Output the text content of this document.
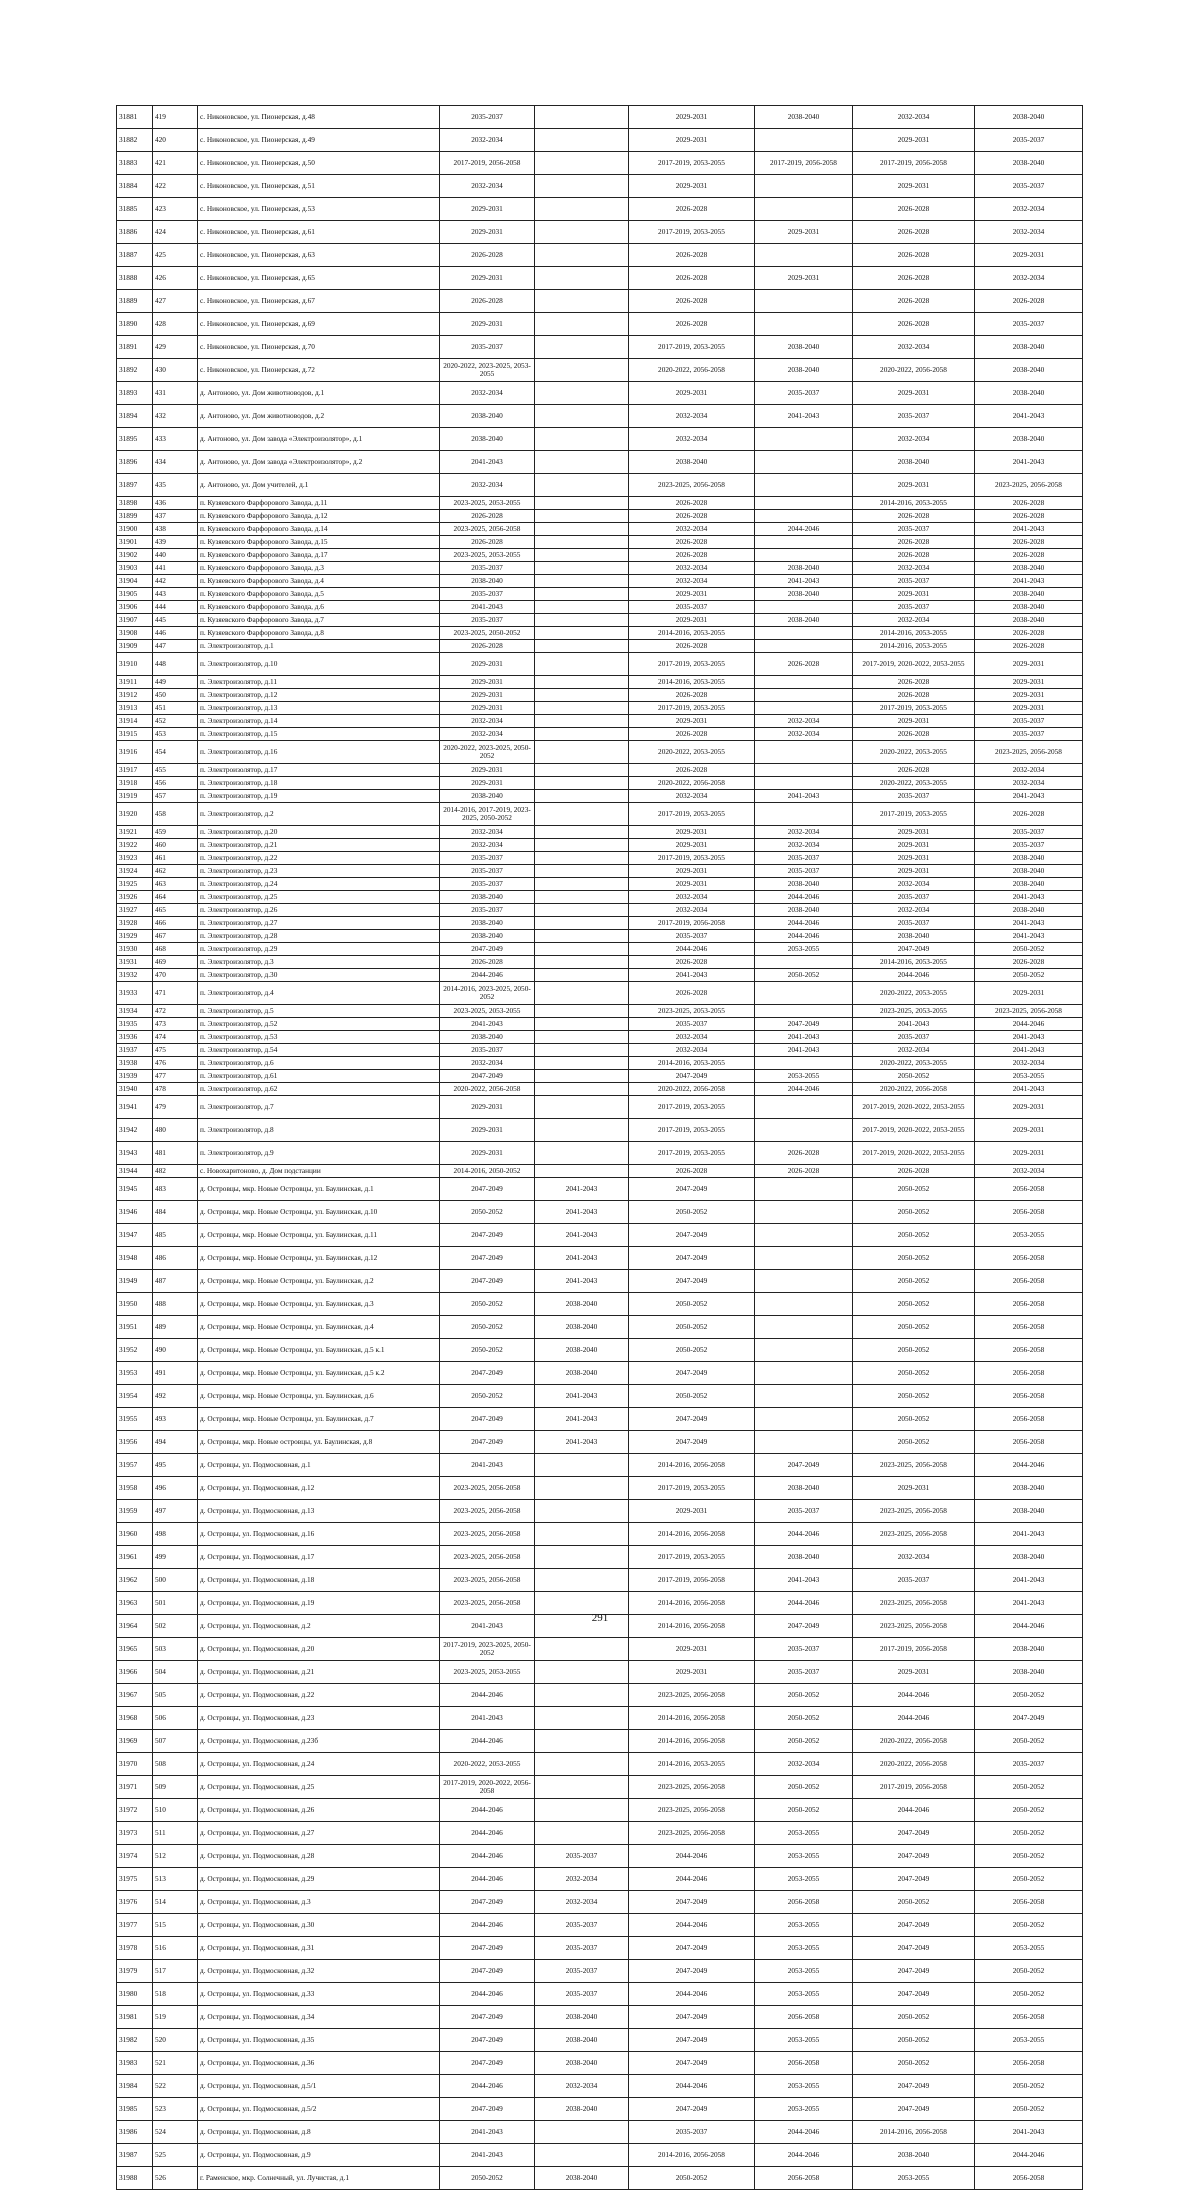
31881	419	с. Никоновское, ул. Пионерская, д.48	2035-2037		2029-2031	2038-2040	2032-2034	2038-2040
31882	420	с. Никоновское, ул. Пионерская, д.49	2032-2034		2029-2031		2029-2031	2035-2037
31883	421	с. Никоновское, ул. Пионерская, д.50	2017-2019, 2056-2058		2017-2019, 2053-2055	2017-2019, 2056-2058	2017-2019, 2056-2058	2038-2040
31884	422	с. Никоновское, ул. Пионерская, д.51	2032-2034		2029-2031		2029-2031	2035-2037
31885	423	с. Никоновское, ул. Пионерская, д.53	2029-2031		2026-2028		2026-2028	2032-2034
31886	424	с. Никоновское, ул. Пионерская, д.61	2029-2031		2017-2019, 2053-2055	2029-2031	2026-2028	2032-2034
31887	425	с. Никоновское, ул. Пионерская, д.63	2026-2028		2026-2028		2026-2028	2029-2031
31888	426	с. Никоновское, ул. Пионерская, д.65	2029-2031		2026-2028	2029-2031	2026-2028	2032-2034
31889	427	с. Никоновское, ул. Пионерская, д.67	2026-2028		2026-2028		2026-2028	2026-2028
31890	428	с. Никоновское, ул. Пионерская, д.69	2029-2031		2026-2028		2026-2028	2035-2037
31891	429	с. Никоновское, ул. Пионерская, д.70	2035-2037		2017-2019, 2053-2055	2038-2040	2032-2034	2038-2040
31892	430	с. Никоновское, ул. Пионерская, д.72	2020-2022, 2023-2025, 2053-2055		2020-2022, 2056-2058	2038-2040	2020-2022, 2056-2058	2038-2040
31893	431	д. Антоново, ул. Дом животноводов, д.1	2032-2034		2029-2031	2035-2037	2029-2031	2038-2040
31894	432	д. Антоново, ул. Дом животноводов, д.2	2038-2040		2032-2034	2041-2043	2035-2037	2041-2043
31895	433	д. Антоново, ул. Дом завода «Электроизолятор», д.1	2038-2040		2032-2034		2032-2034	2038-2040
31896	434	д. Антоново, ул. Дом завода «Электроизолятор», д.2	2041-2043		2038-2040		2038-2040	2041-2043
31897	435	д. Антоново, ул. Дом учителей, д.1	2032-2034		2023-2025, 2056-2058		2029-2031	2023-2025, 2056-2058
31898	436	п. Кузяевского Фарфорового Завода, д.11	2023-2025, 2053-2055		2026-2028		2014-2016, 2053-2055	2026-2028
31899	437	п. Кузяевского Фарфорового Завода, д.12	2026-2028		2026-2028		2026-2028	2026-2028
31900	438	п. Кузяевского Фарфорового Завода, д.14	2023-2025, 2056-2058		2032-2034	2044-2046	2035-2037	2041-2043
31901	439	п. Кузяевского Фарфорового Завода, д.15	2026-2028		2026-2028		2026-2028	2026-2028
31902	440	п. Кузяевского Фарфорового Завода, д.17	2023-2025, 2053-2055		2026-2028		2026-2028	2026-2028
31903	441	п. Кузяевского Фарфорового Завода, д.3	2035-2037		2032-2034	2038-2040	2032-2034	2038-2040
31904	442	п. Кузяевского Фарфорового Завода, д.4	2038-2040		2032-2034	2041-2043	2035-2037	2041-2043
31905	443	п. Кузяевского Фарфорового Завода, д.5	2035-2037		2029-2031	2038-2040	2029-2031	2038-2040
31906	444	п. Кузяевского Фарфорового Завода, д.6	2041-2043		2035-2037		2035-2037	2038-2040
31907	445	п. Кузяевского Фарфорового Завода, д.7	2035-2037		2029-2031	2038-2040	2032-2034	2038-2040
31908	446	п. Кузяевского Фарфорового Завода, д.8	2023-2025, 2050-2052		2014-2016, 2053-2055		2014-2016, 2053-2055	2026-2028
31909	447	п. Электроизолятор, д.1	2026-2028		2026-2028		2014-2016, 2053-2055	2026-2028
31910	448	п. Электроизолятор, д.10	2029-2031		2017-2019, 2053-2055	2026-2028	2017-2019, 2020-2022, 2053-2055	2029-2031
31911	449	п. Электроизолятор, д.11	2029-2031		2014-2016, 2053-2055		2026-2028	2029-2031
31912	450	п. Электроизолятор, д.12	2029-2031		2026-2028		2026-2028	2029-2031
31913	451	п. Электроизолятор, д.13	2029-2031		2017-2019, 2053-2055		2017-2019, 2053-2055	2029-2031
31914	452	п. Электроизолятор, д.14	2032-2034		2029-2031	2032-2034	2029-2031	2035-2037
31915	453	п. Электроизолятор, д.15	2032-2034		2026-2028	2032-2034	2026-2028	2035-2037
31916	454	п. Электроизолятор, д.16	2020-2022, 2023-2025, 2050-2052		2020-2022, 2053-2055		2020-2022, 2053-2055	2023-2025, 2056-2058
31917	455	п. Электроизолятор, д.17	2029-2031		2026-2028		2026-2028	2032-2034
31918	456	п. Электроизолятор, д.18	2029-2031		2020-2022, 2056-2058		2020-2022, 2053-2055	2032-2034
31919	457	п. Электроизолятор, д.19	2038-2040		2032-2034	2041-2043	2035-2037	2041-2043
31920	458	п. Электроизолятор, д.2	2014-2016, 2017-2019, 2023-2025, 2050-2052		2017-2019, 2053-2055		2017-2019, 2053-2055	2026-2028
31921	459	п. Электроизолятор, д.20	2032-2034		2029-2031	2032-2034	2029-2031	2035-2037
31922	460	п. Электроизолятор, д.21	2032-2034		2029-2031	2032-2034	2029-2031	2035-2037
31923	461	п. Электроизолятор, д.22	2035-2037		2017-2019, 2053-2055	2035-2037	2029-2031	2038-2040
31924	462	п. Электроизолятор, д.23	2035-2037		2029-2031	2035-2037	2029-2031	2038-2040
31925	463	п. Электроизолятор, д.24	2035-2037		2029-2031	2038-2040	2032-2034	2038-2040
31926	464	п. Электроизолятор, д.25	2038-2040		2032-2034	2044-2046	2035-2037	2041-2043
31927	465	п. Электроизолятор, д.26	2035-2037		2032-2034	2038-2040	2032-2034	2038-2040
31928	466	п. Электроизолятор, д.27	2038-2040		2017-2019, 2056-2058	2044-2046	2035-2037	2041-2043
31929	467	п. Электроизолятор, д.28	2038-2040		2035-2037	2044-2046	2038-2040	2041-2043
31930	468	п. Электроизолятор, д.29	2047-2049		2044-2046	2053-2055	2047-2049	2050-2052
31931	469	п. Электроизолятор, д.3	2026-2028		2026-2028		2014-2016, 2053-2055	2026-2028
31932	470	п. Электроизолятор, д.30	2044-2046		2041-2043	2050-2052	2044-2046	2050-2052
31933	471	п. Электроизолятор, д.4	2014-2016, 2023-2025, 2050-2052		2026-2028		2020-2022, 2053-2055	2029-2031
31934	472	п. Электроизолятор, д.5	2023-2025, 2053-2055		2023-2025, 2053-2055		2023-2025, 2053-2055	2023-2025, 2056-2058
31935	473	п. Электроизолятор, д.52	2041-2043		2035-2037	2047-2049	2041-2043	2044-2046
31936	474	п. Электроизолятор, д.53	2038-2040		2032-2034	2041-2043	2035-2037	2041-2043
31937	475	п. Электроизолятор, д.54	2035-2037		2032-2034	2041-2043	2032-2034	2041-2043
31938	476	п. Электроизолятор, д.6	2032-2034		2014-2016, 2053-2055		2020-2022, 2053-2055	2032-2034
31939	477	п. Электроизолятор, д.61	2047-2049		2047-2049	2053-2055	2050-2052	2053-2055
31940	478	п. Электроизолятор, д.62	2020-2022, 2056-2058		2020-2022, 2056-2058	2044-2046	2020-2022, 2056-2058	2041-2043
31941	479	п. Электроизолятор, д.7	2029-2031		2017-2019, 2053-2055		2017-2019, 2020-2022, 2053-2055	2029-2031
31942	480	п. Электроизолятор, д.8	2029-2031		2017-2019, 2053-2055		2017-2019, 2020-2022, 2053-2055	2029-2031
31943	481	п. Электроизолятор, д.9	2029-2031		2017-2019, 2053-2055	2026-2028	2017-2019, 2020-2022, 2053-2055	2029-2031
31944	482	с. Новохаритоново, д. Дом подстанции	2014-2016, 2050-2052		2026-2028	2026-2028	2026-2028	2032-2034
31945	483	д. Островцы, мкр. Новые Островцы, ул. Баулинская, д.1	2047-2049	2041-2043	2047-2049		2050-2052	2056-2058
31946	484	д. Островцы, мкр. Новые Островцы, ул. Баулинская, д.10	2050-2052	2041-2043	2050-2052		2050-2052	2056-2058
31947	485	д. Островцы, мкр. Новые Островцы, ул. Баулинская, д.11	2047-2049	2041-2043	2047-2049		2050-2052	2053-2055
31948	486	д. Островцы, мкр. Новые Островцы, ул. Баулинская, д.12	2047-2049	2041-2043	2047-2049		2050-2052	2056-2058
31949	487	д. Островцы, мкр. Новые Островцы, ул. Баулинская, д.2	2047-2049	2041-2043	2047-2049		2050-2052	2056-2058
31950	488	д. Островцы, мкр. Новые Островцы, ул. Баулинская, д.3	2050-2052	2038-2040	2050-2052		2050-2052	2056-2058
31951	489	д. Островцы, мкр. Новые Островцы, ул. Баулинская, д.4	2050-2052	2038-2040	2050-2052		2050-2052	2056-2058
31952	490	д. Островцы, мкр. Новые Островцы, ул. Баулинская, д.5 к.1	2050-2052	2038-2040	2050-2052		2050-2052	2056-2058
31953	491	д. Островцы, мкр. Новые Островцы, ул. Баулинская, д.5 к.2	2047-2049	2038-2040	2047-2049		2050-2052	2056-2058
31954	492	д. Островцы, мкр. Новые Островцы, ул. Баулинская, д.6	2050-2052	2041-2043	2050-2052		2050-2052	2056-2058
31955	493	д. Островцы, мкр. Новые Островцы, ул. Баулинская, д.7	2047-2049	2041-2043	2047-2049		2050-2052	2056-2058
31956	494	д. Островцы, мкр. Новые островцы, ул. Баулинская, д.8	2047-2049	2041-2043	2047-2049		2050-2052	2056-2058
31957	495	д. Островцы, ул. Подмосковная, д.1	2041-2043		2014-2016, 2056-2058	2047-2049	2023-2025, 2056-2058	2044-2046
31958	496	д. Островцы, ул. Подмосковная, д.12	2023-2025, 2056-2058		2017-2019, 2053-2055	2038-2040	2029-2031	2038-2040
31959	497	д. Островцы, ул. Подмосковная, д.13	2023-2025, 2056-2058		2029-2031	2035-2037	2023-2025, 2056-2058	2038-2040
31960	498	д. Островцы, ул. Подмосковная, д.16	2023-2025, 2056-2058		2014-2016, 2056-2058	2044-2046	2023-2025, 2056-2058	2041-2043
31961	499	д. Островцы, ул. Подмосковная, д.17	2023-2025, 2056-2058		2017-2019, 2053-2055	2038-2040	2032-2034	2038-2040
31962	500	д. Островцы, ул. Подмосковная, д.18	2023-2025, 2056-2058		2017-2019, 2056-2058	2041-2043	2035-2037	2041-2043
31963	501	д. Островцы, ул. Подмосковная, д.19	2023-2025, 2056-2058		2014-2016, 2056-2058	2044-2046	2023-2025, 2056-2058	2041-2043
31964	502	д. Островцы, ул. Подмосковная, д.2	2041-2043		2014-2016, 2056-2058	2047-2049	2023-2025, 2056-2058	2044-2046
31965	503	д. Островцы, ул. Подмосковная, д.20	2017-2019, 2023-2025, 2050-2052		2029-2031	2035-2037	2017-2019, 2056-2058	2038-2040
31966	504	д. Островцы, ул. Подмосковная, д.21	2023-2025, 2053-2055		2029-2031	2035-2037	2029-2031	2038-2040
31967	505	д. Островцы, ул. Подмосковная, д.22	2044-2046		2023-2025, 2056-2058	2050-2052	2044-2046	2050-2052
31968	506	д. Островцы, ул. Подмосковная, д.23	2041-2043		2014-2016, 2056-2058	2050-2052	2044-2046	2047-2049
31969	507	д. Островцы, ул. Подмосковная, д.23б	2044-2046		2014-2016, 2056-2058	2050-2052	2020-2022, 2056-2058	2050-2052
31970	508	д. Островцы, ул. Подмосковная, д.24	2020-2022, 2053-2055		2014-2016, 2053-2055	2032-2034	2020-2022, 2056-2058	2035-2037
31971	509	д. Островцы, ул. Подмосковная, д.25	2017-2019, 2020-2022, 2056-2058		2023-2025, 2056-2058	2050-2052	2017-2019, 2056-2058	2050-2052
31972	510	д. Островцы, ул. Подмосковная, д.26	2044-2046		2023-2025, 2056-2058	2050-2052	2044-2046	2050-2052
31973	511	д. Островцы, ул. Подмосковная, д.27	2044-2046		2023-2025, 2056-2058	2053-2055	2047-2049	2050-2052
31974	512	д. Островцы, ул. Подмосковная, д.28	2044-2046	2035-2037	2044-2046	2053-2055	2047-2049	2050-2052
31975	513	д. Островцы, ул. Подмосковная, д.29	2044-2046	2032-2034	2044-2046	2053-2055	2047-2049	2050-2052
31976	514	д. Островцы, ул. Подмосковная, д.3	2047-2049	2032-2034	2047-2049	2056-2058	2050-2052	2056-2058
31977	515	д. Островцы, ул. Подмосковная, д.30	2044-2046	2035-2037	2044-2046	2053-2055	2047-2049	2050-2052
31978	516	д. Островцы, ул. Подмосковная, д.31	2047-2049	2035-2037	2047-2049	2053-2055	2047-2049	2053-2055
31979	517	д. Островцы, ул. Подмосковная, д.32	2047-2049	2035-2037	2047-2049	2053-2055	2047-2049	2050-2052
31980	518	д. Островцы, ул. Подмосковная, д.33	2044-2046	2035-2037	2044-2046	2053-2055	2047-2049	2050-2052
31981	519	д. Островцы, ул. Подмосковная, д.34	2047-2049	2038-2040	2047-2049	2056-2058	2050-2052	2056-2058
31982	520	д. Островцы, ул. Подмосковная, д.35	2047-2049	2038-2040	2047-2049	2053-2055	2050-2052	2053-2055
31983	521	д. Островцы, ул. Подмосковная, д.36	2047-2049	2038-2040	2047-2049	2056-2058	2050-2052	2056-2058
31984	522	д. Островцы, ул. Подмосковная, д.5/1	2044-2046	2032-2034	2044-2046	2053-2055	2047-2049	2050-2052
31985	523	д. Островцы, ул. Подмосковная, д.5/2	2047-2049	2038-2040	2047-2049	2053-2055	2047-2049	2050-2052
31986	524	д. Островцы, ул. Подмосковная, д.8	2041-2043		2035-2037	2044-2046	2014-2016, 2056-2058	2041-2043
31987	525	д. Островцы, ул. Подмосковная, д.9	2041-2043		2014-2016, 2056-2058	2044-2046	2038-2040	2044-2046
31988	526	г. Раменское, мкр. Солнечный, ул. Лучистая, д.1	2050-2052	2038-2040	2050-2052	2056-2058	2053-2055	2056-2058
291
